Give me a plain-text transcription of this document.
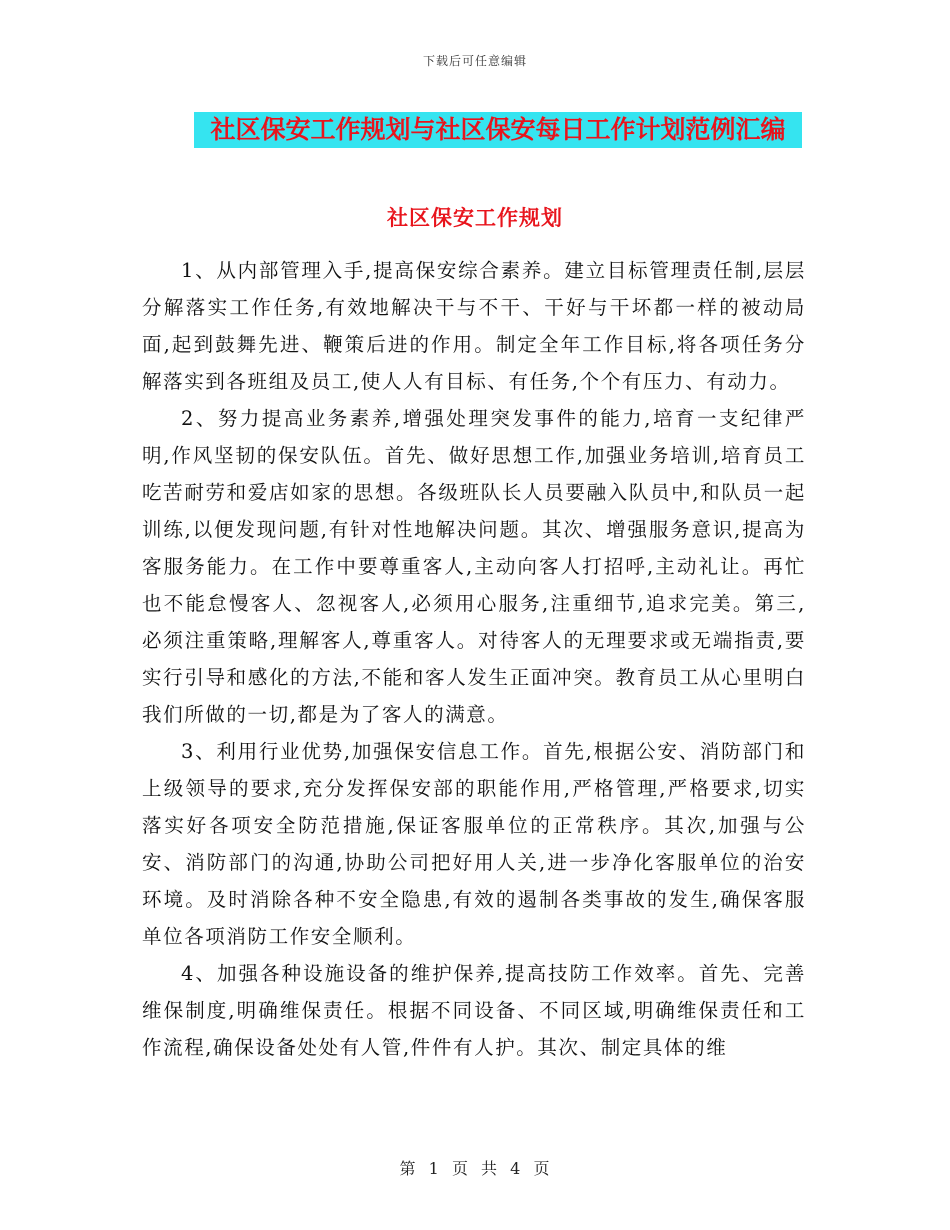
下载后可任意编辑
社区保安工作规划与社区保安每日工作计划范例汇编
社区保安工作规划

1、从内部管理入手,提高保安综合素养。建立目标管理责任制,层层分解落实工作任务,有效地解决干与不干、干好与干坏都一样的被动局面,起到鼓舞先进、鞭策后进的作用。制定全年工作目标,将各项任务分解落实到各班组及员工,使人人有目标、有任务,个个有压力、有动力。

2、努力提高业务素养,增强处理突发事件的能力,培育一支纪律严明,作风坚韧的保安队伍。首先、做好思想工作,加强业务培训,培育员工吃苦耐劳和爱店如家的思想。各级班队长人员要融入队员中,和队员一起训练,以便发现问题,有针对性地解决问题。其次、增强服务意识,提高为客服务能力。在工作中要尊重客人,主动向客人打招呼,主动礼让。再忙也不能怠慢客人、忽视客人,必须用心服务,注重细节,追求完美。第三,必须注重策略,理解客人,尊重客人。对待客人的无理要求或无端指责,要实行引导和感化的方法,不能和客人发生正面冲突。教育员工从心里明白我们所做的一切,都是为了客人的满意。

3、利用行业优势,加强保安信息工作。首先,根据公安、消防部门和上级领导的要求,充分发挥保安部的职能作用,严格管理,严格要求,切实落实好各项安全防范措施,保证客服单位的正常秩序。其次,加强与公安、消防部门的沟通,协助公司把好用人关,进一步净化客服单位的治安环境。及时消除各种不安全隐患,有效的遏制各类事故的发生,确保客服单位各项消防工作安全顺利。

4、加强各种设施设备的维护保养,提高技防工作效率。首先、完善维保制度,明确维保责任。根据不同设备、不同区域,明确维保责任和工作流程,确保设备处处有人管,件件有人护。其次、制定具体的维

第 1 页 共 4 页
